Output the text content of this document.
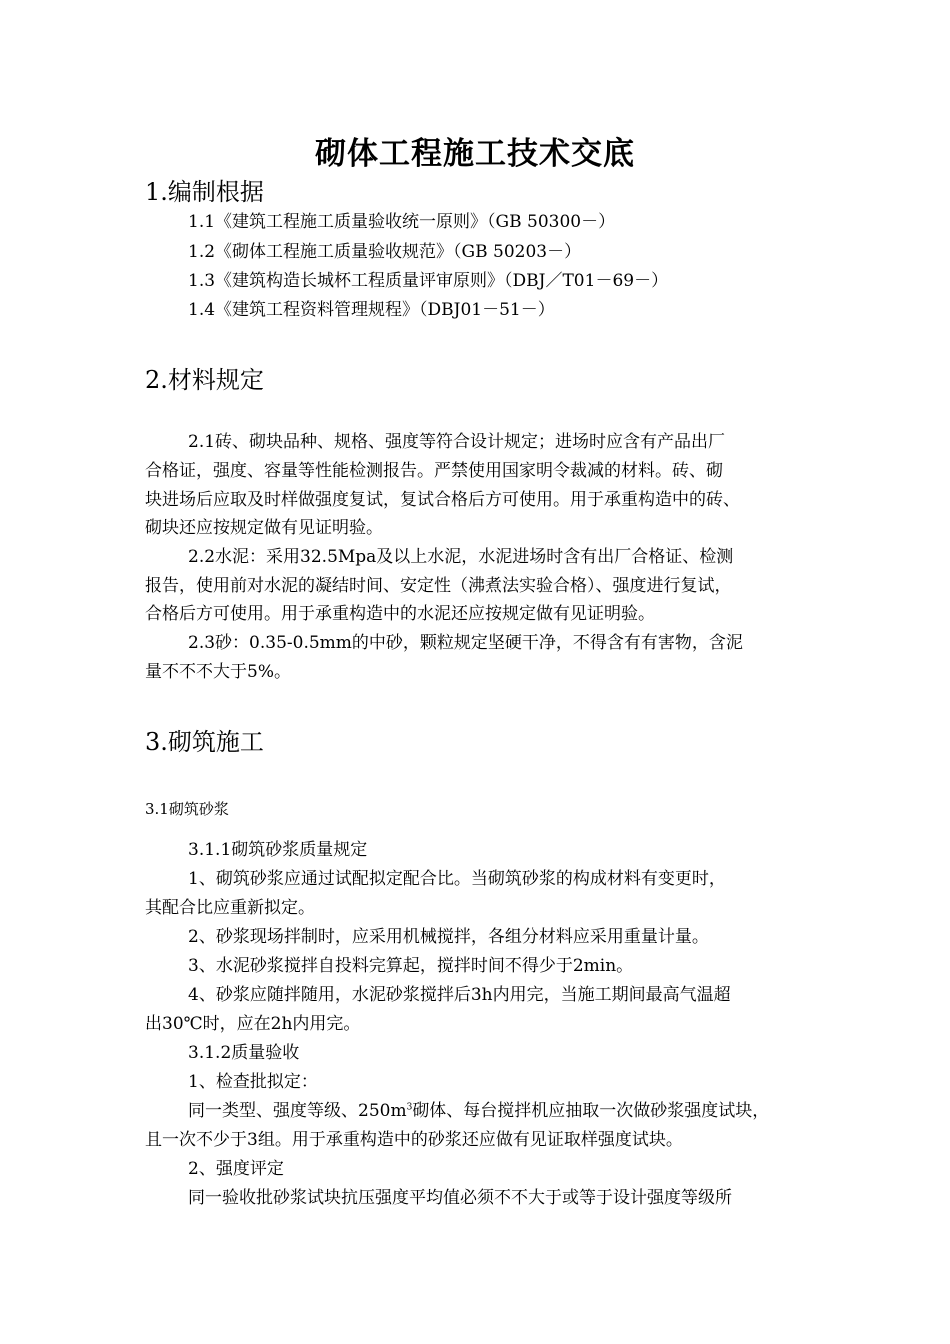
砌体工程施工技术交底
1.编制根据

1.1《建筑工程施工质量验收统一原则》（GB 50300－）

1.2《砌体工程施工质量验收规范》（GB 50203－）

1.3《建筑构造长城杯工程质量评审原则》（DBJ／T01－69－）

1.4《建筑工程资料管理规程》（DBJ01－51－）

2.材料规定

2.1砖、砌块品种、规格、强度等符合设计规定；进场时应含有产品出厂

合格证，强度、容量等性能检测报告。严禁使用国家明令裁减的材料。砖、砌

块进场后应取及时样做强度复试，复试合格后方可使用。用于承重构造中的砖、

砌块还应按规定做有见证明验。

2.2水泥：采用32.5Mpa及以上水泥，水泥进场时含有出厂合格证、检测

报告，使用前对水泥的凝结时间、安定性（沸煮法实验合格）、强度进行复试，

合格后方可使用。用于承重构造中的水泥还应按规定做有见证明验。

2.3砂：0.35-0.5mm的中砂，颗粒规定坚硬干净，不得含有有害物，含泥

量不不不大于5%。

3.砌筑施工

3.1砌筑砂浆

3.1.1砌筑砂浆质量规定

1、砌筑砂浆应通过试配拟定配合比。当砌筑砂浆的构成材料有变更时，

其配合比应重新拟定。

2、砂浆现场拌制时，应采用机械搅拌，各组分材料应采用重量计量。

3、水泥砂浆搅拌自投料完算起，搅拌时间不得少于2min。

4、砂浆应随拌随用，水泥砂浆搅拌后3h内用完，当施工期间最高气温超

出30℃时，应在2h内用完。

3.1.2质量验收

1、检查批拟定：

同一类型、强度等级、$250m^3$砌体、每台搅拌机应抽取一次做砂浆强度试块，

且一次不少于3组。用于承重构造中的砂浆还应做有见证取样强度试块。

2、强度评定

同一验收批砂浆试块抗压强度平均值必须不不大于或等于设计强度等级所
